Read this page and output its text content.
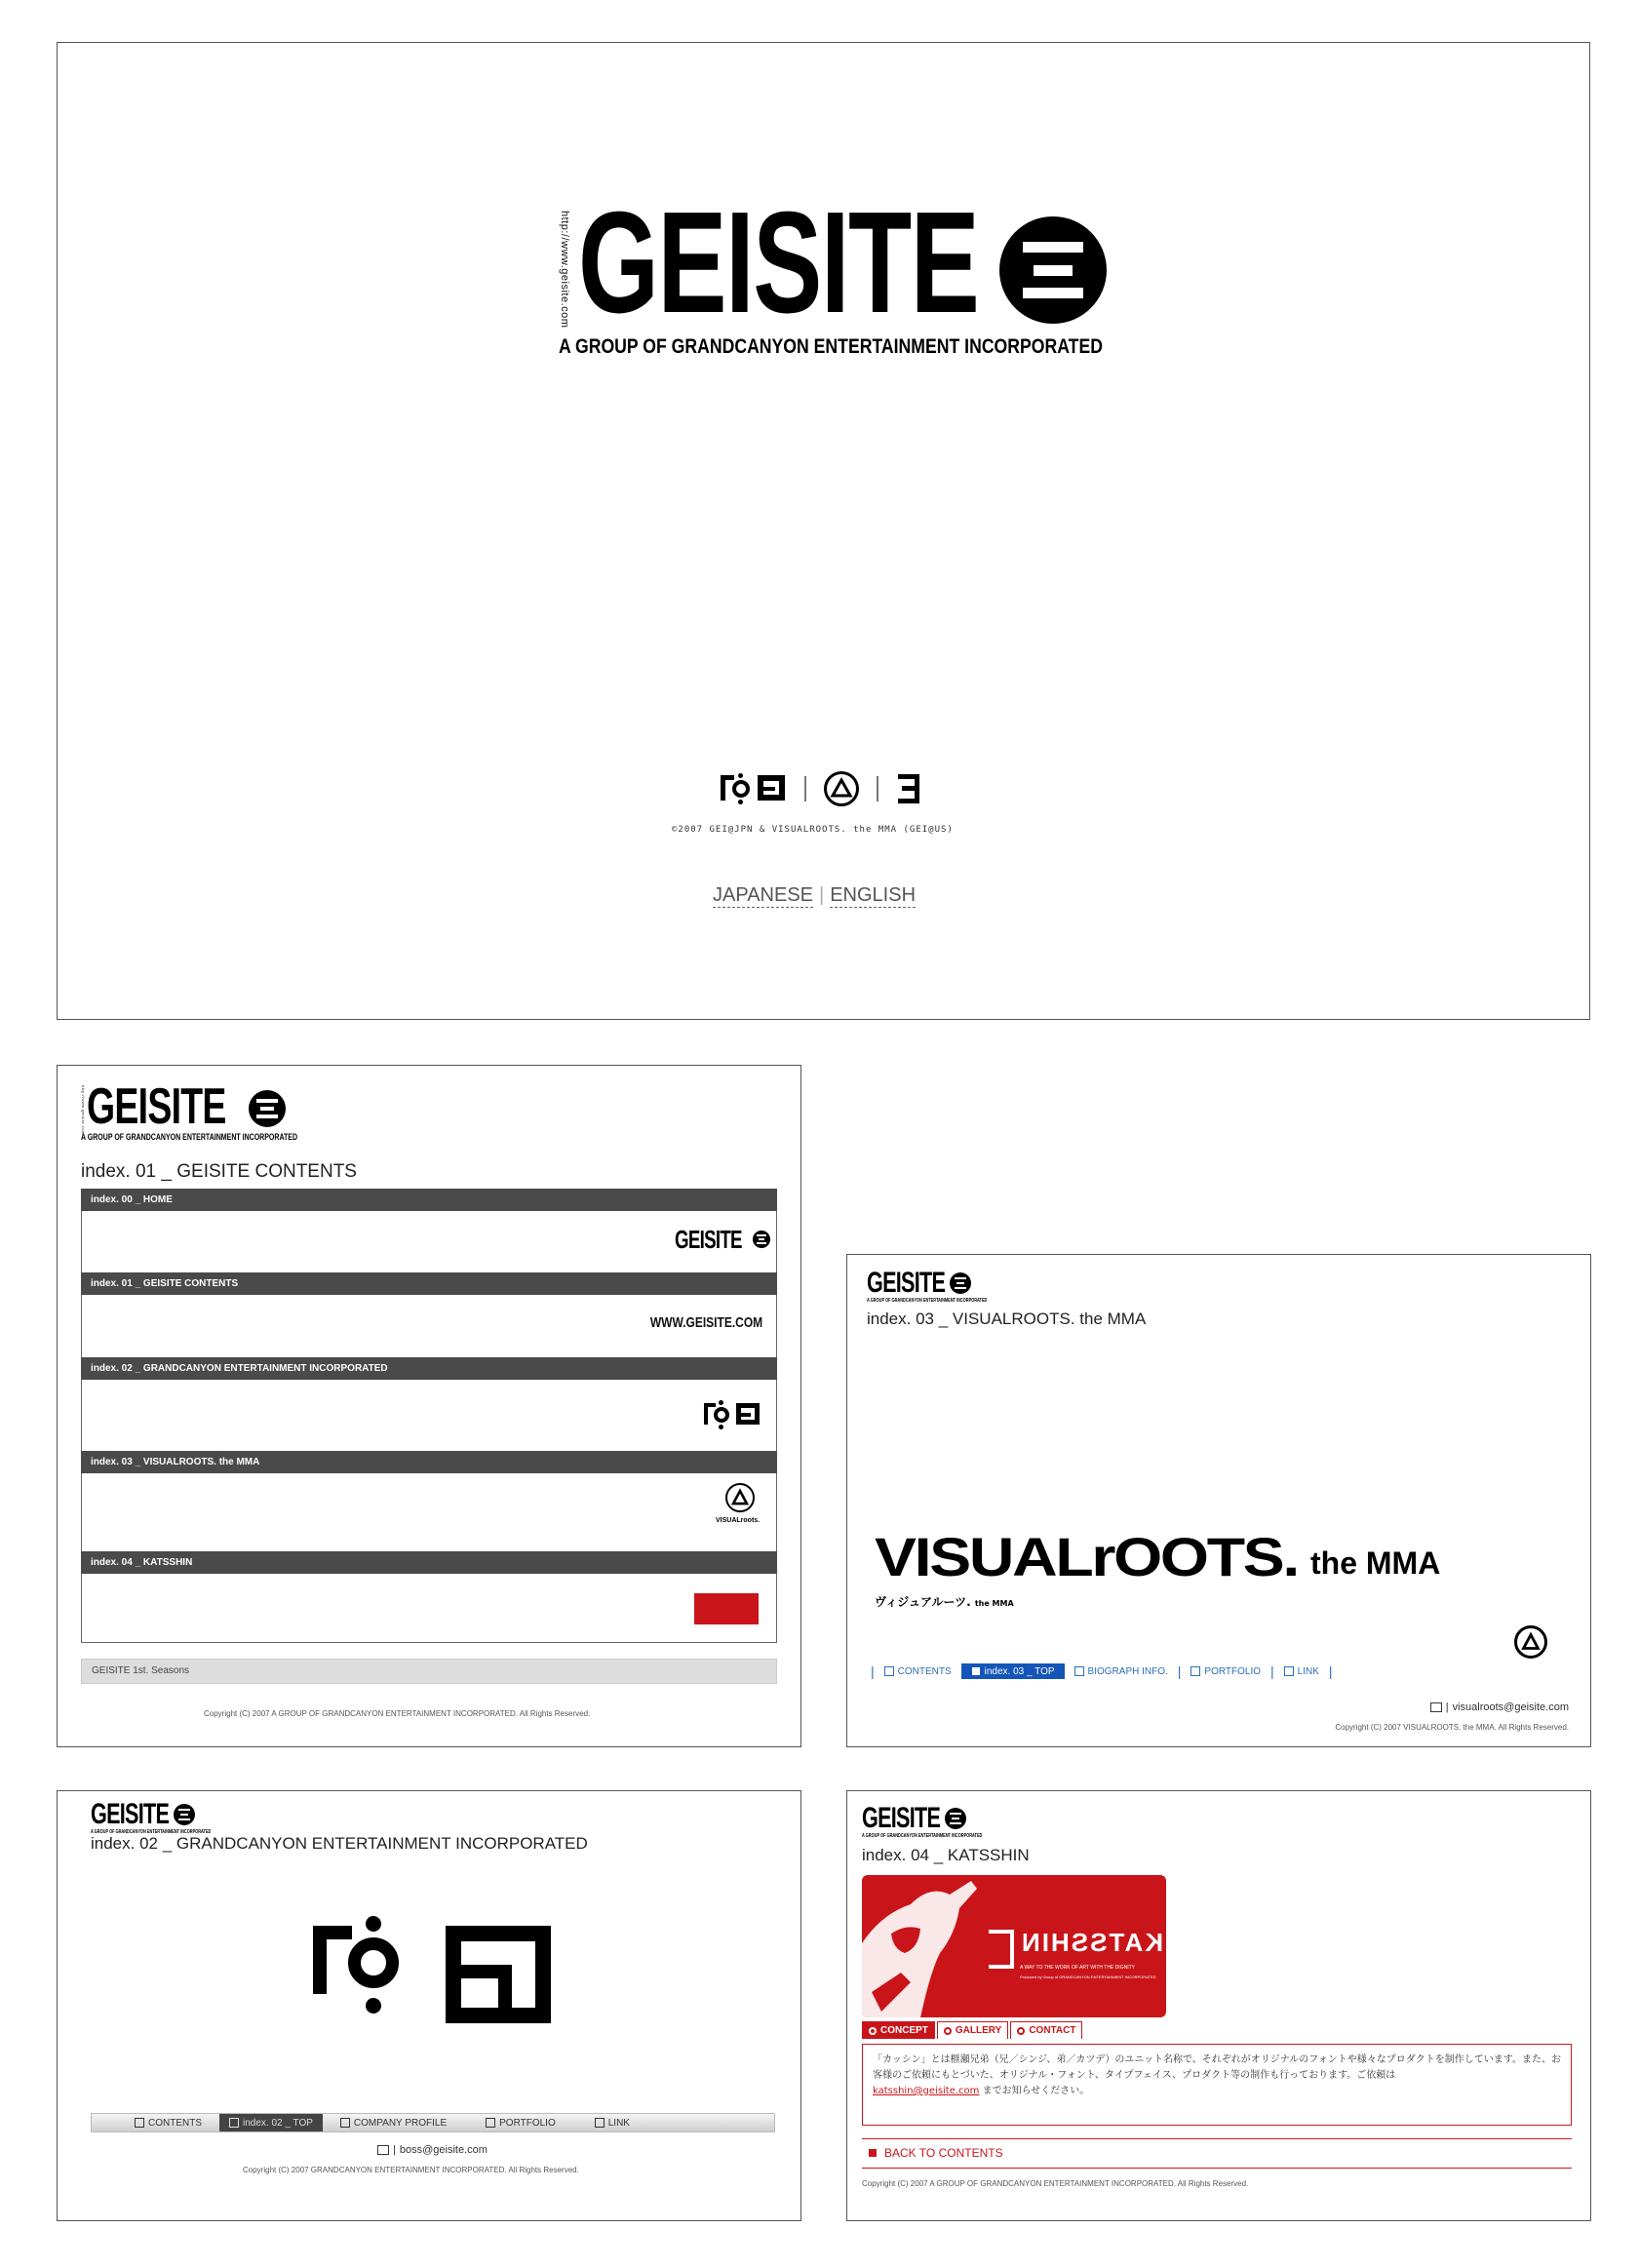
http://www.geisite.com GEISITE
A GROUP OF GRANDCANYON ENTERTAINMENT INCORPORATED
©2007 GEI@JPN & VISUALROOTS. the MMA (GEI@US)
JAPANESE | ENGLISH
http://www.geisite.com GEISITE
A GROUP OF GRANDCANYON ENTERTAINMENT INCORPORATED
index. 01 _ GEISITE CONTENTS
index. 00 _ HOME
GEISITE
index. 01 _ GEISITE CONTENTS
WWW.GEISITE.COM
index. 02 _ GRANDCANYON ENTERTAINMENT INCORPORATED
index. 03 _ VISUALROOTS. the MMA
VISUALroots.
index. 04 _ KATSSHIN
GEISITE 1st. Seasons
Copyright (C) 2007 A GROUP OF GRANDCANYON ENTERTAINMENT INCORPORATED. All Rights Reserved.
GEISITE
A GROUP OF GRANDCANYON ENTERTAINMENT INCORPORATED
index. 03 _ VISUALROOTS. the MMA
VISUALrOOTS. the MMA
ヴィジュアルーツ. the MMA
| CONTENTS	index. 03 _ TOP	BIOGRAPH INFO. | PORTFOLIO | LINK |
| visualroots@geisite.com
Copyright (C) 2007 VISUALROOTS. the MMA. All Rights Reserved.
GEISITE
A GROUP OF GRANDCANYON ENTERTAINMENT INCORPORATED
index. 02 _ GRANDCANYON ENTERTAINMENT INCORPORATED
CONTENTS	index. 02 _ TOP	COMPANY PROFILE	PORTFOLIO	LINK
| boss@geisite.com
Copyright (C) 2007 GRANDCANYON ENTERTAINMENT INCORPORATED. All Rights Reserved.
GEISITE
A GROUP OF GRANDCANYON ENTERTAINMENT INCORPORATED
index. 04 _ KATSSHIN
KATSSHIN
A WAY TO THE WORK OF ART WITH THE DIGNITY
Produced by Group of GRANDCANYON ENTERTAINMENT INCORPORATED
CONCEPT	GALLERY	CONTACT
「カッシン」とは榧瀬兄弟（兄／シンジ、弟／カツデ）のユニット名称で、それぞれがオリジナルのフォントや様々なプロダクトを制作しています。また、お客様のご依頼にもとづいた、オリジナル・フォント、タイプフェイス、プロダクト等の制作も行っております。ご依頼は
katsshin@geisite.com までお知らせください。
BACK TO CONTENTS
Copyright (C) 2007 A GROUP OF GRANDCANYON ENTERTAINMENT INCORPORATED. All Rights Reserved.
